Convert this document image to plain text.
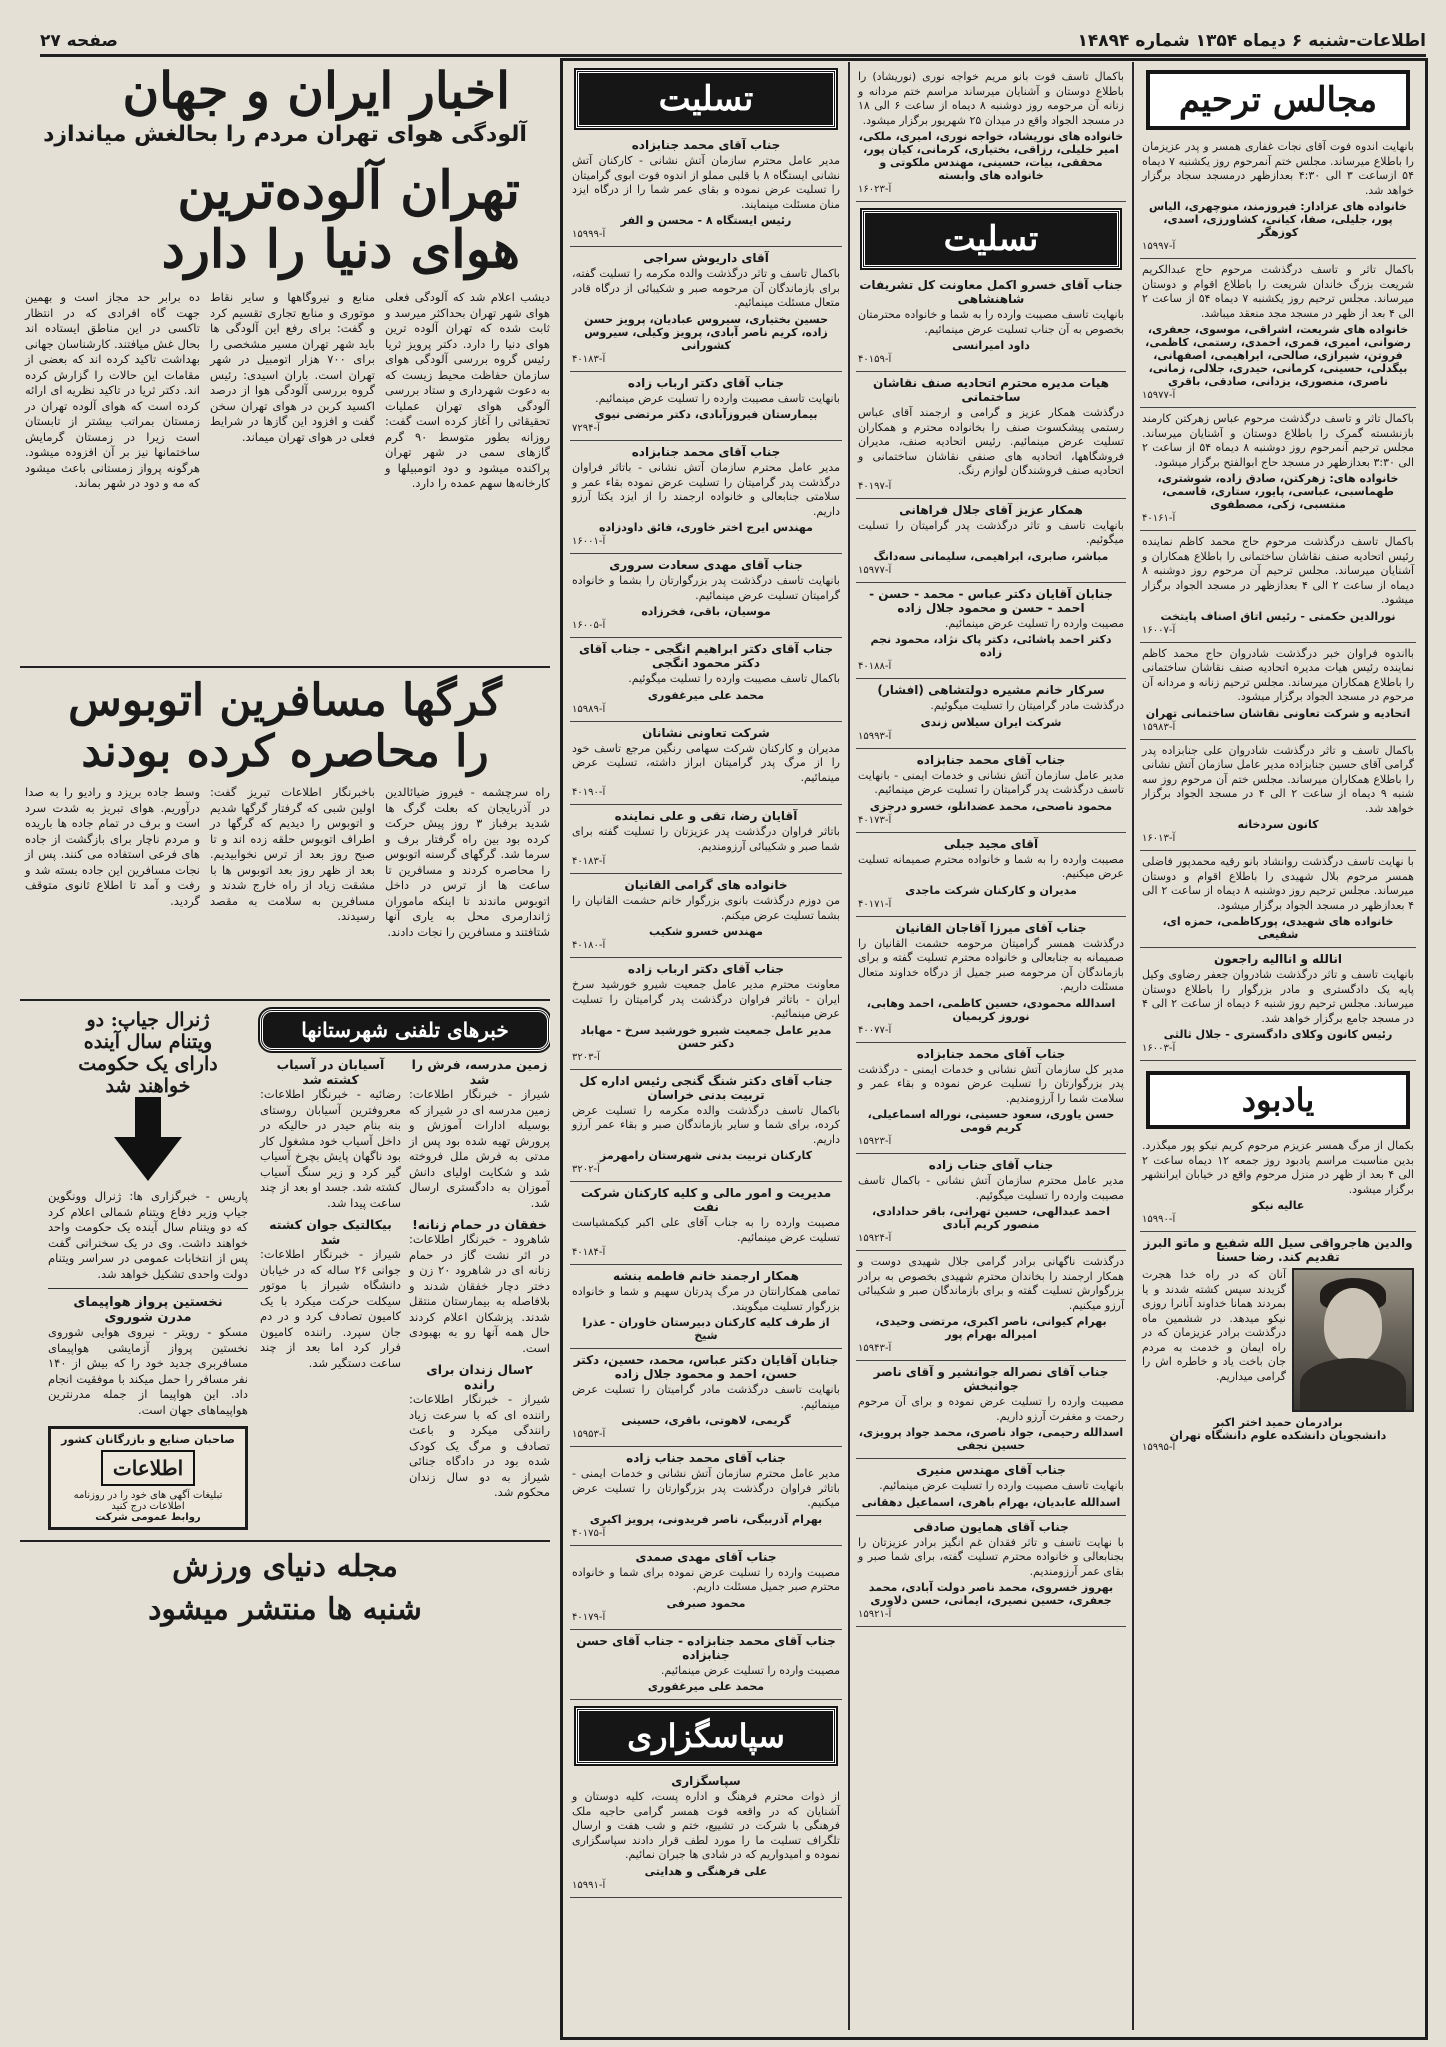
صفحه ۲۷	اطلاعات-شنبه ۶ دیماه ۱۳۵۴ شماره ۱۴۸۹۴
اخبار ایران و جهان
آلودگی هوای تهران مردم را بحالغش میاندازد
تهران آلوده‌ترین
هوای دنیا را دارد
دیشب اعلام شد که آلودگی فعلی هوای شهر تهران بحداکثر میرسد و ثابت شده که تهران آلوده ترین هوای دنیا را دارد. دکتر پرویز ثریا رئیس گروه بررسی آلودگی هوای سازمان حفاظت محیط زیست که به دعوت شهرداری و ستاد بررسی آلودگی هوای تهران عملیات تحقیقاتی را آغاز کرده است گفت: روزانه بطور متوسط ۹۰ گرم گازهای سمی در شهر تهران پراکنده میشود و دود اتومبیلها و کارخانه‌ها سهم عمده را دارد.
منابع و نیروگاهها و سایر نقاط موتوری و منابع تجاری تقسیم کرد و گفت: برای رفع این آلودگی ها باید شهر تهران مسیر مشخصی را برای ۷۰۰ هزار اتومبیل در شهر تهران است. باران اسیدی: رئیس گروه بررسی آلودگی هوا از درصد اکسید کربن در هوای تهران سخن گفت و افزود این گازها در شرایط فعلی در هوای تهران میماند.
ده برابر حد مجاز است و بهمین جهت گاه افرادی که در انتظار تاکسی در این مناطق ایستاده اند بحال غش میافتند. کارشناسان جهانی بهداشت تاکید کرده اند که بعضی از مقامات این حالات را گزارش کرده اند. دکتر ثریا در تاکید نظریه ای ارائه کرده است که هوای آلوده تهران در زمستان بمراتب بیشتر از تابستان است زیرا در زمستان گرمایش ساختمانها نیز بر آن افزوده میشود. هرگونه پرواز زمستانی باعث میشود که مه و دود در شهر بماند.
گرگها مسافرین اتوبوس
را محاصره کرده بودند
راه سرچشمه - فیروز ضیائالدین در آذربایجان که بعلت گرگ ها شدید برفباز ۳ روز پیش حرکت کرده بود بین راه گرفتار برف و سرما شد. گرگهای گرسنه اتوبوس را محاصره کردند و مسافرین تا ساعت ها از ترس در داخل اتوبوس ماندند تا اینکه ماموران ژاندارمری محل به یاری آنها شتافتند و مسافرین را نجات دادند.
باخبرنگار اطلاعات تبریز گفت: اولین شبی که گرفتار گرگها شدیم و اتوبوس را دیدیم که گرگها در اطراف اتوبوس حلقه زده اند و تا صبح روز بعد از ترس نخوابیدیم. بعد از ظهر روز بعد اتوبوس ها با مشقت زیاد از راه خارج شدند و مسافرین به سلامت به مقصد رسیدند.
وسط جاده بریزد و رادیو را به صدا درآوریم. هوای تبریز به شدت سرد است و برف در تمام جاده ها باریده و مردم ناچار برای بازگشت از جاده های فرعی استفاده می کنند. پس از نجات مسافرین این جاده بسته شد و رفت و آمد تا اطلاع ثانوی متوقف گردید.
خبرهای تلفنی شهرستانها
زمین مدرسه، فرش را شد
شیراز - خبرنگار اطلاعات: زمین مدرسه ای در شیراز که بوسیله ادارات آموزش و پرورش تهیه شده بود پس از مدتی به فرش ملل فروخته شد و شکایت اولیای دانش آموزان به دادگستری ارسال شد.
خفقان در حمام زنانه!
شاهرود - خبرنگار اطلاعات: در اثر نشت گاز در حمام زنانه ای در شاهرود ۲۰ زن و دختر دچار خفقان شدند و بلافاصله به بیمارستان منتقل شدند. پزشکان اعلام کردند حال همه آنها رو به بهبودی است.
۲سال زندان برای رانده
شیراز - خبرنگار اطلاعات: راننده ای که با سرعت زیاد رانندگی میکرد و باعث تصادف و مرگ یک کودک شده بود در دادگاه جنائی شیراز به دو سال زندان محکوم شد.
آسیابان در آسیاب کشته شد
رضائیه - خبرنگار اطلاعات: معروفترین آسیابان روستای بنه بنام حیدر در حالیکه در داخل آسیاب خود مشغول کار بود ناگهان پایش بچرخ آسیاب گیر کرد و زیر سنگ آسیاب کشته شد. جسد او بعد از چند ساعت پیدا شد.
بیکالتیک جوان کشته شد
شیراز - خبرنگار اطلاعات: جوانی ۲۶ ساله که در خیابان دانشگاه شیراز با موتور سیکلت حرکت میکرد با یک کامیون تصادف کرد و در دم جان سپرد. راننده کامیون فرار کرد اما بعد از چند ساعت دستگیر شد.
ژنرال جیاپ: دو
ویتنام سال آینده
دارای یک حکومت
خواهند شد
پاریس - خبرگزاری ها: ژنرال وونگوین جیاپ وزیر دفاع ویتنام شمالی اعلام کرد که دو ویتنام سال آینده یک حکومت واحد خواهند داشت. وی در یک سخنرانی گفت پس از انتخابات عمومی در سراسر ویتنام دولت واحدی تشکیل خواهد شد.
نخستین پرواز هواپیمای
مدرن شوروی
مسکو - رویتر - نیروی هوایی شوروی نخستین پرواز آزمایشی هواپیمای مسافربری جدید خود را که بیش از ۱۴۰ نفر مسافر را حمل میکند با موفقیت انجام داد. این هواپیما از جمله مدرنترین هواپیماهای جهان است.
صاحبان صنایع و بازرگانان کشور
اطلاعات
تبلیغات آگهی های خود را در روزنامه اطلاعات درج کنید
روابط عمومی شرکت
مجله دنیای ورزش
شنبه ها منتشر میشود
تسلیت
جناب آقای محمد جنابزاده
مدیر عامل محترم سازمان آتش نشانی - کارکنان آتش نشانی ایستگاه ۸ با قلبی مملو از اندوه فوت ابوی گرامیتان را تسلیت عرض نموده و بقای عمر شما را از درگاه ایزد منان مسئلت مینمایند.
رئیس ایستگاه ۸ - محسن و الفر
آ-۱۵۹۹۹
آقای داریوش سراجی
باکمال تاسف و تاثر درگذشت والده مکرمه را تسلیت گفته، برای بازماندگان آن مرحومه صبر و شکیبائی از درگاه قادر متعال مسئلت مینمائیم.
حسین بختیاری، سیروس عبادیان، پرویز حسن زاده، کریم ناصر آبادی، پرویز وکیلی، سیروس کشورانی
آ-۴۰۱۸۳
جناب آقای دکتر ارباب زاده
بانهایت تاسف مصیبت وارده را تسلیت عرض مینمائیم.
بیمارستان فیروزآبادی، دکتر مرتضی نیوی
آ-۷۲۹۴
جناب آقای محمد جنابزاده
مدیر عامل محترم سازمان آتش نشانی - باتاثر فراوان درگذشت پدر گرامیتان را تسلیت عرض نموده بقاء عمر و سلامتی جنابعالی و خانواده ارجمند را از ایزد یکتا آرزو داریم.
مهندس ایرج اختر خاوری، فائق داودزاده
آ-۱۶۰۰۱
جناب آقای مهدی سعادت سروری
بانهایت تاسف درگذشت پدر بزرگوارتان را بشما و خانواده گرامیتان تسلیت عرض مینمائیم.
موسیان، باقی، فخرزاده
آ-۱۶۰۰۵
جناب آقای دکتر ابراهیم انگجی - جناب آقای دکتر محمود انگجی
باکمال تاسف مصیبت وارده را تسلیت میگوئیم.
محمد علی میرغفوری
آ-۱۵۹۸۹
شرکت تعاونی نشانان
مدیران و کارکنان شرکت سهامی رنگین مرجع تاسف خود را از مرگ پدر گرامیتان ابراز داشته، تسلیت عرض مینمائیم.
آ-۴۰۱۹۰
آقایان رضا، تقی و علی نماینده
باتاثر فراوان درگذشت پدر عزیزتان را تسلیت گفته برای شما صبر و شکیبائی آرزومندیم.
آ-۴۰۱۸۳
خانواده های گرامی القانیان
من دوزم درگذشت بانوی بزرگوار خانم حشمت القانیان را بشما تسلیت عرض میکنم.
مهندس خسرو شکیب
آ-۴۰۱۸۰
جناب آقای دکتر ارباب زاده
معاونت محترم مدیر عامل جمعیت شیرو خورشید سرخ ایران - باتاثر فراوان درگذشت پدر گرامیتان را تسلیت عرض مینمائیم.
مدیر عامل جمعیت شیرو خورشید سرخ - مهاباد دکتر حسن
آ-۳۲۰۳
جناب آقای دکتر شنگ گنجی رئیس اداره کل تربیت بدنی خراسان
باکمال تاسف درگذشت والده مکرمه را تسلیت عرض کرده، برای شما و سایر بازماندگان صبر و بقاء عمر آرزو داریم.
کارکنان تربیت بدنی شهرستان رامهرمز
آ-۳۲۰۲
مدیریت و امور مالی و کلیه کارکنان شرکت نفت
مصیبت وارده را به جناب آقای علی اکبر کیکمشیاست تسلیت عرض مینمائیم.
آ-۴۰۱۸۴
همکار ارجمند خانم فاطمه بنشه
تمامی همکارانتان در مرگ پدرتان سهیم و شما و خانواده بزرگوار تسلیت میگویند.
از طرف کلیه کارکنان دبیرستان خاوران - عذرا شیخ
جنابان آقایان دکتر عباس، محمد، حسین، دکتر حسن، احمد و محمود جلال زاده
بانهایت تاسف درگذشت مادر گرامیتان را تسلیت عرض مینمائیم.
گریمی، لاهوتی، باقری، حسینی
آ-۱۵۹۵۳
جناب آقای محمد جناب زاده
مدیر عامل محترم سازمان آتش نشانی و خدمات ایمنی - باتاثر فراوان درگذشت پدر بزرگوارتان را تسلیت عرض میکنیم.
بهرام آذربیگی، ناصر فریدونی، پرویز اکبری
آ-۴۰۱۷۵
جناب آقای مهدی صمدی
مصیبت وارده را تسلیت عرض نموده برای شما و خانواده محترم صبر جمیل مسئلت داریم.
محمود صبرفی
آ-۴۰۱۷۹
جناب آقای محمد جنابزاده - جناب آقای حسن جنابزاده
مصیبت وارده را تسلیت عرض مینمائیم.
محمد علی میرغفوری
سپاسگزاری
سپاسگزاری
از ذوات محترم فرهنگ و اداره پست، کلیه دوستان و آشنایان که در واقعه فوت همسر گرامی حاجیه ملک فرهنگی با شرکت در تشییع، ختم و شب هفت و ارسال تلگراف تسلیت ما را مورد لطف قرار دادند سپاسگزاری نموده و امیدواریم که در شادی ها جبران نمائیم.
علی فرهنگی و هدایتی
آ-۱۵۹۹۱
باکمال تاسف فوت بانو مریم خواجه نوری (نوریشاد) را باطلاع دوستان و آشنایان میرساند مراسم ختم مردانه و زنانه آن مرحومه روز دوشنبه ۸ دیماه از ساعت ۶ الی ۱۸ در مسجد الجواد واقع در میدان ۲۵ شهریور برگزار میشود.
خانواده های نوریشاد، خواجه نوری، امیری، ملکی، امیر خلیلی، رزاقی، بختیاری، کرمانی، کیان پور، محققی، بیات، حسینی، مهندس ملکوتی و خانواده های وابسته
آ-۱۶۰۲۳
تسلیت
جناب آقای خسرو اکمل معاونت کل تشریفات شاهنشاهی
بانهایت تاسف مصیبت وارده را به شما و خانواده محترمتان بخصوص به آن جناب تسلیت عرض مینمائیم.
داود امیرانسی
آ-۴۰۱۵۹
هیات مدیره محترم اتحادیه صنف نقاشان ساختمانی
درگذشت همکار عزیز و گرامی و ارجمند آقای عباس رستمی پیشکسوت صنف را بخانواده محترم و همکاران تسلیت عرض مینمائیم. رئیس اتحادیه صنف، مدیران فروشگاهها، اتحادیه های صنفی نقاشان ساختمانی و اتحادیه صنف فروشندگان لوازم رنگ.
آ-۴۰۱۹۷
همکار عزیز آقای جلال فراهانی
بانهایت تاسف و تاثر درگذشت پدر گرامیتان را تسلیت میگوئیم.
مباشر، صابری، ابراهیمی، سلیمانی سه‌دانگ
آ-۱۵۹۷۷
جنابان آقایان دکتر عباس - محمد - حسن - احمد - حسن و محمود جلال زاده
مصیبت وارده را تسلیت عرض مینمائیم.
دکتر احمد پاشائی، دکتر پاک نژاد، محمود نجم زاده
آ-۴۰۱۸۸
سرکار خانم مشیره دولتشاهی (افشار)
درگذشت مادر گرامیتان را تسلیت میگوئیم.
شرکت ایران سیلاس زندی
آ-۱۵۹۹۳
جناب آقای محمد جنابزاده
مدیر عامل سازمان آتش نشانی و خدمات ایمنی - بانهایت تاسف درگذشت پدر گرامیتان را تسلیت عرض مینمائیم.
محمود ناصحی، محمد عضدانلو، خسرو درجزی
آ-۴۰۱۷۳
آقای مجید جبلی
مصیبت وارده را به شما و خانواده محترم صمیمانه تسلیت عرض میکنیم.
مدیران و کارکنان شرکت ماجدی
آ-۴۰۱۷۱
جناب آقای میرزا آقاجان القانیان
درگذشت همسر گرامیتان مرحومه حشمت القانیان را صمیمانه به جنابعالی و خانواده محترم تسلیت گفته و برای بازماندگان آن مرحومه صبر جمیل از درگاه خداوند متعال مسئلت داریم.
اسدالله محمودی، حسین کاظمی، احمد وهابی، نوروز کریمیان
آ-۴۰۰۷۷
جناب آقای محمد جنابزاده
مدیر کل سازمان آتش نشانی و خدمات ایمنی - درگذشت پدر بزرگوارتان را تسلیت عرض نموده و بقاء عمر و سلامت شما را آرزومندیم.
حسن یاوری، سعود حسینی، نوراله اسماعیلی، کریم قومی
آ-۱۵۹۲۳
جناب آقای جناب زاده
مدیر عامل محترم سازمان آتش نشانی - باکمال تاسف مصیبت وارده را تسلیت میگوئیم.
احمد عبدالهی، حسین تهرانی، باقر حدادادی، منصور کریم آبادی
آ-۱۵۹۲۴
درگذشت ناگهانی برادر گرامی جلال شهیدی دوست و همکار ارجمند را بخاندان محترم شهیدی بخصوص به برادر بزرگوارش تسلیت گفته و برای بازماندگان صبر و شکیبائی آرزو میکنیم.
بهرام کیوانی، ناصر اکبری، مرتضی وحیدی، امیراله بهرام پور
آ-۱۵۹۴۳
جناب آقای نصراله جوانشیر و آقای ناصر جوانبخش
مصیبت وارده را تسلیت عرض نموده و برای آن مرحوم رحمت و مغفرت آرزو داریم.
اسدالله رحیمی، جواد ناصری، محمد جواد پرویزی، حسین نجفی
جناب آقای مهندس منیری
بانهایت تاسف مصیبت وارده را تسلیت عرض مینمائیم.
اسدالله عابدیان، بهرام باهری، اسماعیل دهقانی
جناب آقای همایون صادقی
با نهایت تاسف و تاثر فقدان غم انگیز برادر عزیزتان را بجنابعالی و خانواده محترم تسلیت گفته، برای شما صبر و بقای عمر آرزومندیم.
بهروز خسروی، محمد ناصر دولت آبادی، محمد جعفری، حسین نصیری، ایمانی، حسن دلاوری
آ-۱۵۹۲۱
مجالس ترحیم
بانهایت اندوه فوت آقای نجات غفاری همسر و پدر عزیزمان را باطلاع میرساند. مجلس ختم آنمرحوم روز یکشنبه ۷ دیماه ۵۴ ازساعت ۳ الی ۴:۳۰ بعدازظهر درمسجد سجاد برگزار خواهد شد.
خانواده های عزادار: فیروزمند، منوچهری، الیاس پور، جلیلی، صفا، کیانی، کشاورزی، اسدی، کوزهگر
آ-۱۵۹۹۷
باکمال تاثر و تاسف درگذشت مرحوم حاج عبدالکریم شریعت بزرگ خاندان شریعت را باطلاع اقوام و دوستان میرساند. مجلس ترحیم روز یکشنبه ۷ دیماه ۵۴ از ساعت ۲ الی ۴ بعد از ظهر در مسجد مجد منعقد میباشد.
خانواده های شریعت، اشراقی، موسوی، جعفری، رضوانی، امیری، قمری، احمدی، رستمی، کاظمی، فروتن، شیرازی، صالحی، ابراهیمی، اصفهانی، بیگدلی، حسینی، کرمانی، حیدری، جلالی، زمانی، ناصری، منصوری، یزدانی، صادقی، باقری
آ-۱۵۹۷۷
باکمال تاثر و تاسف درگذشت مرحوم عباس زهرکتن کارمند بازنشسته گمرک را باطلاع دوستان و آشنایان میرساند. مجلس ترحیم آنمرحوم روز دوشنبه ۸ دیماه ۵۴ از ساعت ۲ الی ۳:۳۰ بعدازظهر در مسجد حاج ابوالفتح برگزار میشود.
خانواده های: زهرکتن، صادق زاده، شوشتری، طهماسبی، عباسی، پایور، ستاری، قاسمی، منتسبی، زکی، مصطفوی
آ-۴۰۱۶۱
باکمال تاسف درگذشت مرحوم حاج محمد کاظم نماینده رئیس اتحادیه صنف نقاشان ساختمانی را باطلاع همکاران و آشنایان میرساند. مجلس ترحیم آن مرحوم روز دوشنبه ۸ دیماه از ساعت ۲ الی ۴ بعدازظهر در مسجد الجواد برگزار میشود.
نورالدین حکمتی - رئیس اتاق اصناف پایتخت
آ-۱۶۰۰۷
بااندوه فراوان خبر درگذشت شادروان حاج محمد کاظم نماینده رئیس هیات مدیره اتحادیه صنف نقاشان ساختمانی را باطلاع همکاران میرساند. مجلس ترحیم زنانه و مردانه آن مرحوم در مسجد الجواد برگزار میشود.
اتحادیه و شرکت تعاونی نقاشان ساختمانی تهران
آ-۱۵۹۸۳
باکمال تاسف و تاثر درگذشت شادروان علی جنابزاده پدر گرامی آقای حسین جنابزاده مدیر عامل سازمان آتش نشانی را باطلاع همکاران میرساند. مجلس ختم آن مرحوم روز سه شنبه ۹ دیماه از ساعت ۲ الی ۴ در مسجد الجواد برگزار خواهد شد.
کانون سردخانه
آ-۱۶۰۱۳
با نهایت تاسف درگذشت روانشاد بانو رقیه محمدپور فاضلی همسر مرحوم بلال شهیدی را باطلاع اقوام و دوستان میرساند. مجلس ترحیم روز دوشنبه ۸ دیماه از ساعت ۲ الی ۴ بعدازظهر در مسجد الجواد برگزار میشود.
خانواده های شهیدی، پورکاظمی، حمزه ای، شفیعی
انالله و اناالیه راجعون
بانهایت تاسف و تاثر درگذشت شادروان جعفر رضاوی وکیل پایه یک دادگستری و مادر بزرگوار را باطلاع دوستان میرساند. مجلس ترحیم روز شنبه ۶ دیماه از ساعت ۲ الی ۴ در مسجد جامع برگزار خواهد شد.
رئیس کانون وکلای دادگستری - جلال ثالثی
آ-۱۶۰۰۳
یادبود
بکمال از مرگ همسر عزیزم مرحوم کریم نیکو پور میگذرد. بدین مناسبت مراسم یادبود روز جمعه ۱۲ دیماه ساعت ۲ الی ۴ بعد از ظهر در منزل مرحوم واقع در خیابان ایرانشهر برگزار میشود.
عالیه نیکو
آ-۱۵۹۹۰
والدین هاجرواقی سیل الله شفیع و ماتو البرز تقدیم کند. رضا حسنا
آنان که در راه خدا هجرت گزیدند سپس کشته شدند و یا بمردند همانا خداوند آنانرا روزی نیکو میدهد. در ششمین ماه درگذشت برادر عزیزمان که در راه ایمان و خدمت به مردم جان باخت یاد و خاطره اش را گرامی میداریم.
برادرمان حمید اختر اکبر
دانشجویان دانشکده علوم دانشگاه تهران
آ-۱۵۹۹۵
